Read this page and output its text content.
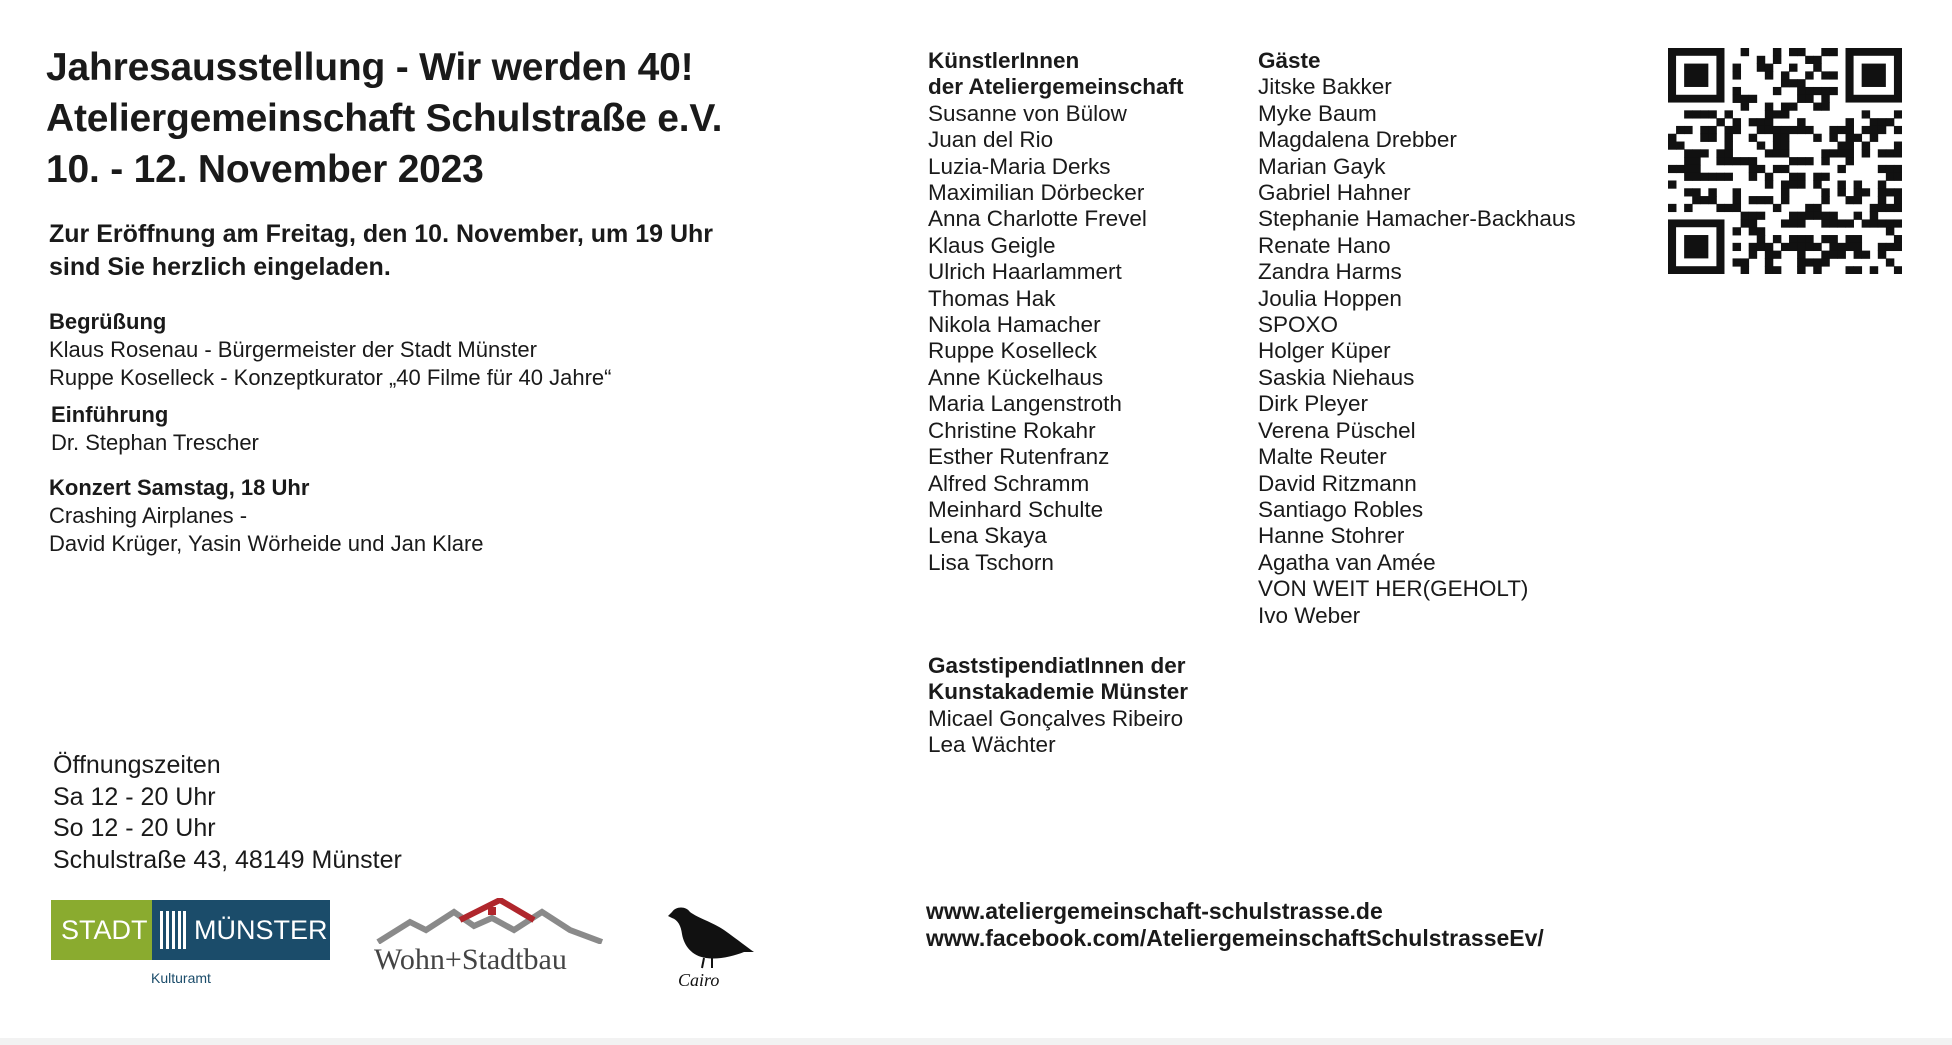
Jahresausstellung - Wir werden 40!
Ateliergemeinschaft Schulstraße e.V.
10. - 12. November 2023
Zur Eröffnung am Freitag, den 10. November, um 19 Uhr
sind Sie herzlich eingeladen.
Begrüßung
Klaus Rosenau - Bürgermeister der Stadt Münster
Ruppe Koselleck - Konzeptkurator „40 Filme für 40 Jahre“
Einführung
Dr. Stephan Trescher
Konzert Samstag, 18 Uhr
Crashing Airplanes -
David Krüger, Yasin Wörheide und Jan Klare
Öffnungszeiten
Sa 12 - 20 Uhr
So 12 - 20 Uhr
Schulstraße 43, 48149 Münster
KünstlerInnen
der Ateliergemeinschaft
Susanne von Bülow
Juan del Rio
Luzia-Maria Derks
Maximilian Dörbecker
Anna Charlotte Frevel
Klaus Geigle
Ulrich Haarlammert
Thomas Hak
Nikola Hamacher
Ruppe Koselleck
Anne Kückelhaus
Maria Langenstroth
Christine Rokahr
Esther Rutenfranz
Alfred Schramm
Meinhard Schulte
Lena Skaya
Lisa Tschorn
GaststipendiatInnen der
Kunstakademie Münster
Micael Gonçalves Ribeiro
Lea Wächter
Gäste
Jitske Bakker
Myke Baum
Magdalena Drebber
Marian Gayk
Gabriel Hahner
Stephanie Hamacher-Backhaus
Renate Hano
Zandra Harms
Joulia Hoppen
SPOXO
Holger Küper
Saskia Niehaus
Dirk Pleyer
Verena Püschel
Malte Reuter
David Ritzmann
Santiago Robles
Hanne Stohrer
Agatha van Amée
VON WEIT HER(GEHOLT)
Ivo Weber
www.ateliergemeinschaft-schulstrasse.de
www.facebook.com/AteliergemeinschaftSchulstrasseEv/
STADT MÜNSTER
Kulturamt
Wohn+Stadtbau
Cairo
